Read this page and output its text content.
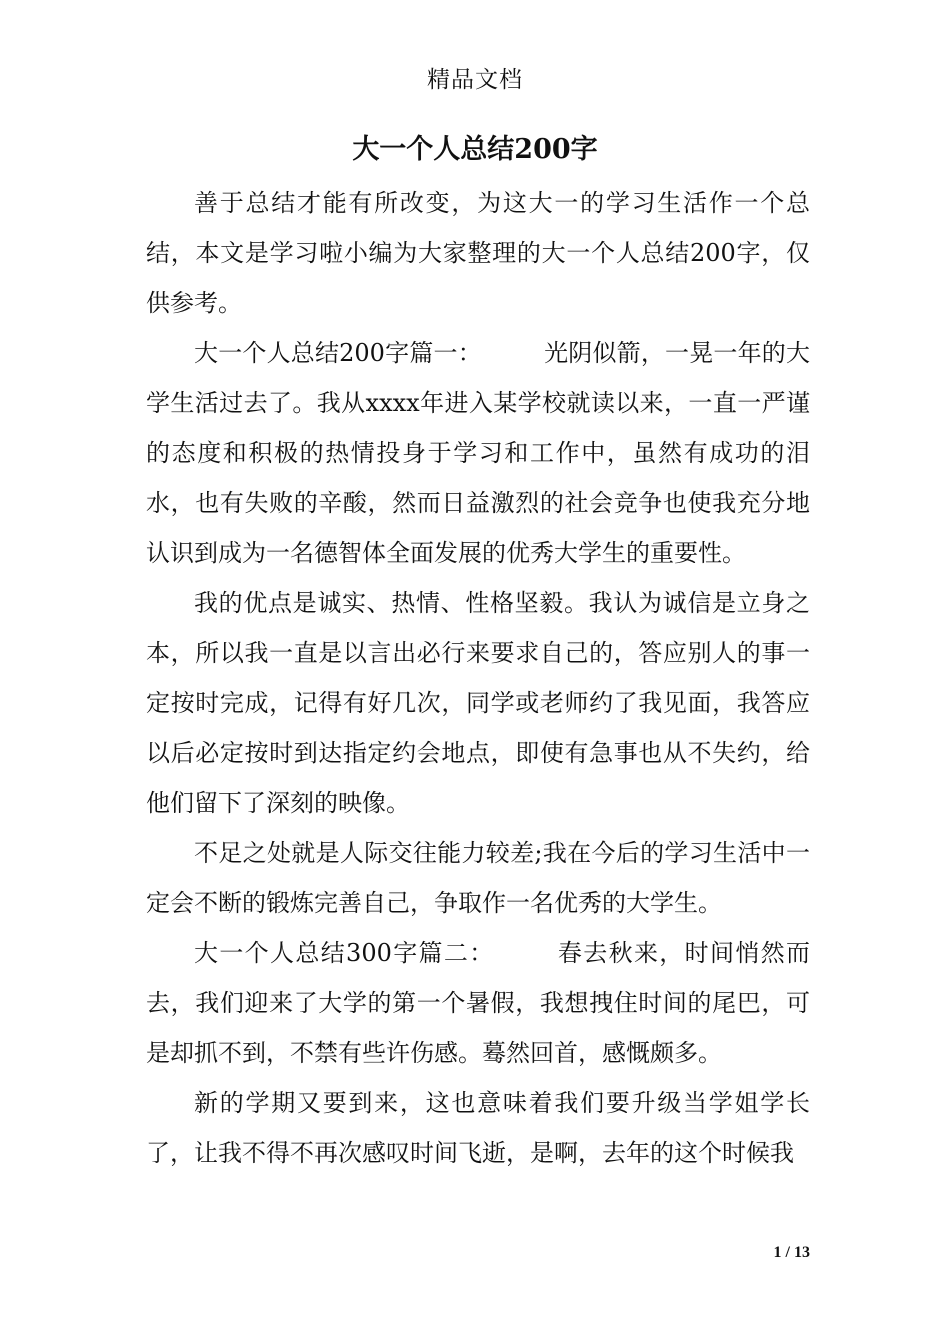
精品文档
大一个人总结200字

善于总结才能有所改变，为这大一的学习生活作一个总结，本文是学习啦小编为大家整理的大一个人总结200字，仅供参考。

大一个人总结200字篇一：	光阴似箭，一晃一年的大学生活过去了。我从xxxx年进入某学校就读以来，一直一严谨的态度和积极的热情投身于学习和工作中，虽然有成功的泪水，也有失败的辛酸，然而日益激烈的社会竞争也使我充分地认识到成为一名德智体全面发展的优秀大学生的重要性。

我的优点是诚实、热情、性格坚毅。我认为诚信是立身之本，所以我一直是以言出必行来要求自己的，答应别人的事一定按时完成，记得有好几次，同学或老师约了我见面，我答应以后必定按时到达指定约会地点，即使有急事也从不失约，给他们留下了深刻的映像。

不足之处就是人际交往能力较差;我在今后的学习生活中一定会不断的锻炼完善自己，争取作一名优秀的大学生。

大一个人总结300字篇二：	春去秋来，时间悄然而去，我们迎来了大学的第一个暑假，我想拽住时间的尾巴，可是却抓不到，不禁有些许伤感。蓦然回首，感慨颇多。

新的学期又要到来，这也意味着我们要升级当学姐学长了，让我不得不再次感叹时间飞逝，是啊，去年的这个时候我

1 / 13
